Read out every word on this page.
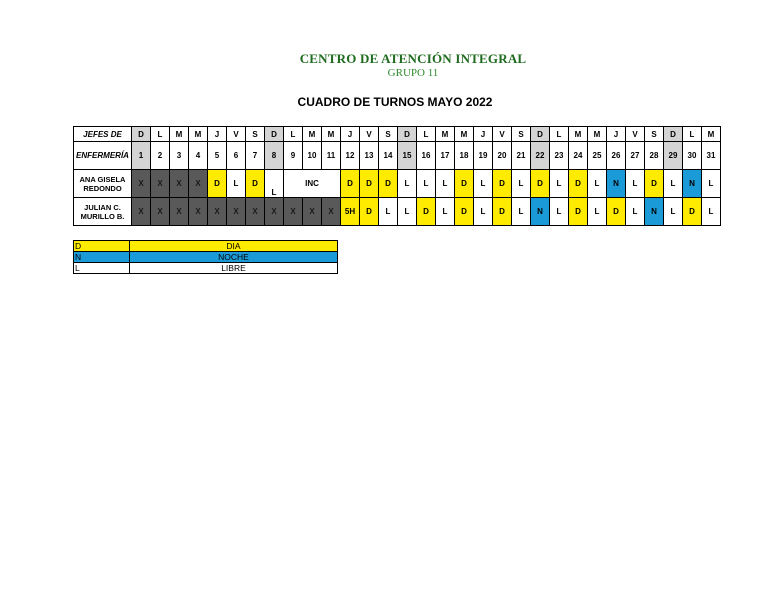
CENTRO DE ATENCIÓN INTEGRAL
GRUPO 11
CUADRO DE TURNOS MAYO 2022
JEFES DE	D	L	M	M	J	V	S	D	L	M	M	J	V	S	D	L	M	M	J	V	S	D	L	M	M	J	V	S	D	L	M
ENFERMERÍA	1	2	3	4	5	6	7	8	9	10	11	12	13	14	15	16	17	18	19	20	21	22	23	24	25	26	27	28	29	30	31
ANA GISELA
REDONDO	X	X	X	X	D	L	D	L	INC			D	D	D	L	L	L	D	L	D	L	D	L	D	L	N	L	D	L	N	L
JULIAN C.
MURILLO B.	X	X	X	X	X	X	X	X	X	X	X	5H	D	L	L	D	L	D	L	D	L	N	L	D	L	D	L	N	L	D	L
D	DIA
N	NOCHE
L	LIBRE
